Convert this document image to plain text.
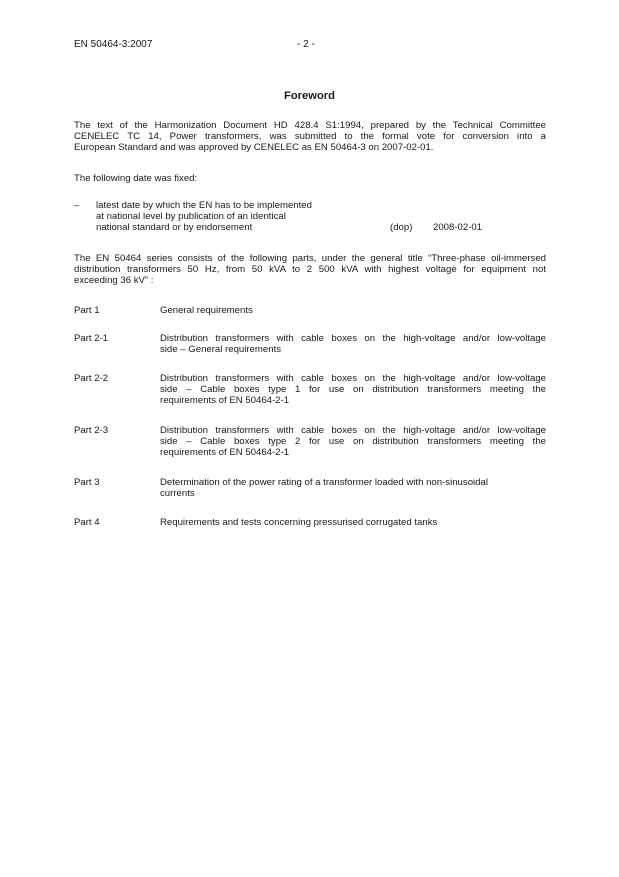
EN 50464-3:2007	- 2 -
Foreword
The text of the Harmonization Document HD 428.4 S1:1994, prepared by the Technical Committee
CENELEC TC 14, Power transformers, was submitted to the formal vote for conversion into a
European Standard and was approved by CENELEC as EN 50464-3 on 2007-02-01.
The following date was fixed:
– latest date by which the EN has to be implemented
at national level by publication of an identical
national standard or by endorsement	(dop) 2008-02-01
The EN 50464 series consists of the following parts, under the general title “Three-phase oil-immersed
distribution transformers 50 Hz, from 50 kVA to 2 500 kVA with highest voltage for equipment not
exceeding 36 kV” :
Part 1	General requirements
Part 2-1	Distribution transformers with cable boxes on the high-voltage and/or low-voltage
side – General requirements
Part 2-2	Distribution transformers with cable boxes on the high-voltage and/or low-voltage
side – Cable boxes type 1 for use on distribution transformers meeting the
requirements of EN 50464-2-1
Part 2-3	Distribution transformers with cable boxes on the high-voltage and/or low-voltage
side – Cable boxes type 2 for use on distribution transformers meeting the
requirements of EN 50464-2-1
Part 3	Determination of the power rating of a transformer loaded with non-sinusoidal
currents
Part 4	Requirements and tests concerning pressurised corrugated tanks
